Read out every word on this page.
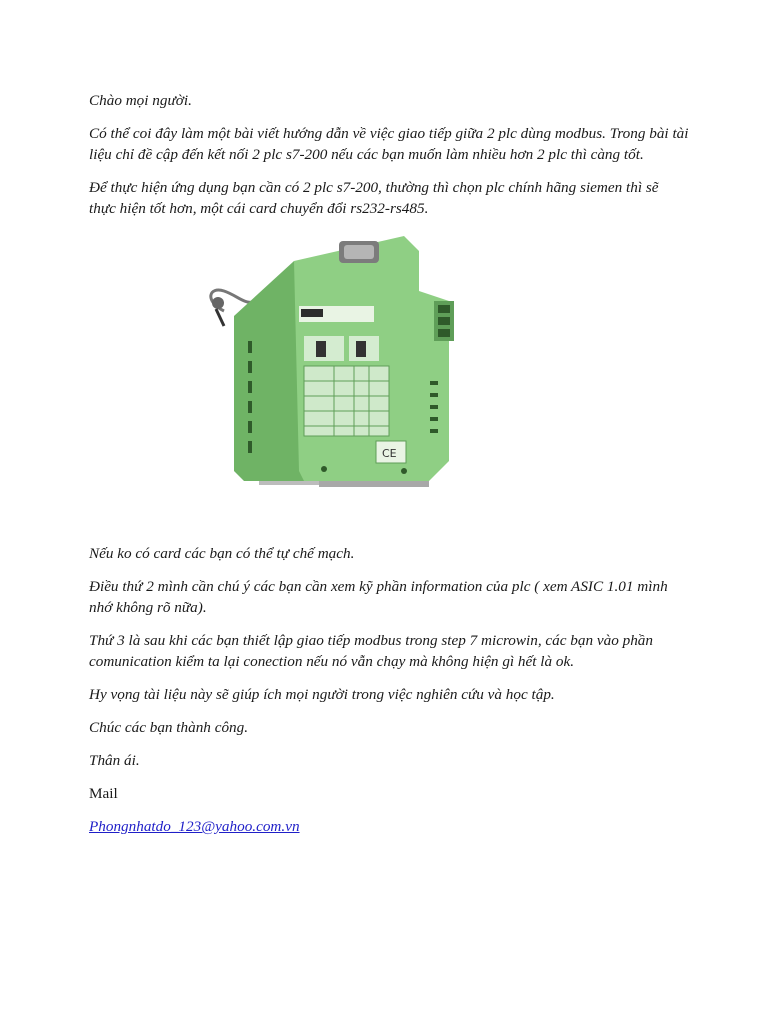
Chào mọi người.

Có thể coi đây làm một bài viết hướng dẫn về việc giao tiếp giữa 2 plc dùng modbus. Trong bài tài liệu chỉ đề cập đến kết nối 2 plc s7-200 nếu các bạn muốn làm nhiều hơn 2 plc thì càng tốt.

Để thực hiện ứng dụng bạn cần có 2 plc s7-200, thường thì chọn plc chính hãng siemen thì sẽ thực hiện tốt hơn, một cái card chuyển đổi rs232-rs485.

CE

Nếu ko có card các bạn có thể tự chế mạch.

Điều thứ 2 mình cần chú ý các bạn cần xem kỹ phần information của plc ( xem ASIC 1.01 mình nhớ không rõ nữa).

Thứ 3 là sau khi các bạn thiết lập giao tiếp modbus trong step 7 microwin, các bạn vào phần comunication kiểm ta lại conection nếu nó vẫn chạy mà không hiện gì hết là ok.

Hy vọng tài liệu này sẽ giúp ích mọi người trong việc nghiên cứu và học tập.

Chúc các bạn thành công.

Thân ái.

Mail

Phongnhatdo_123@yahoo.com.vn
